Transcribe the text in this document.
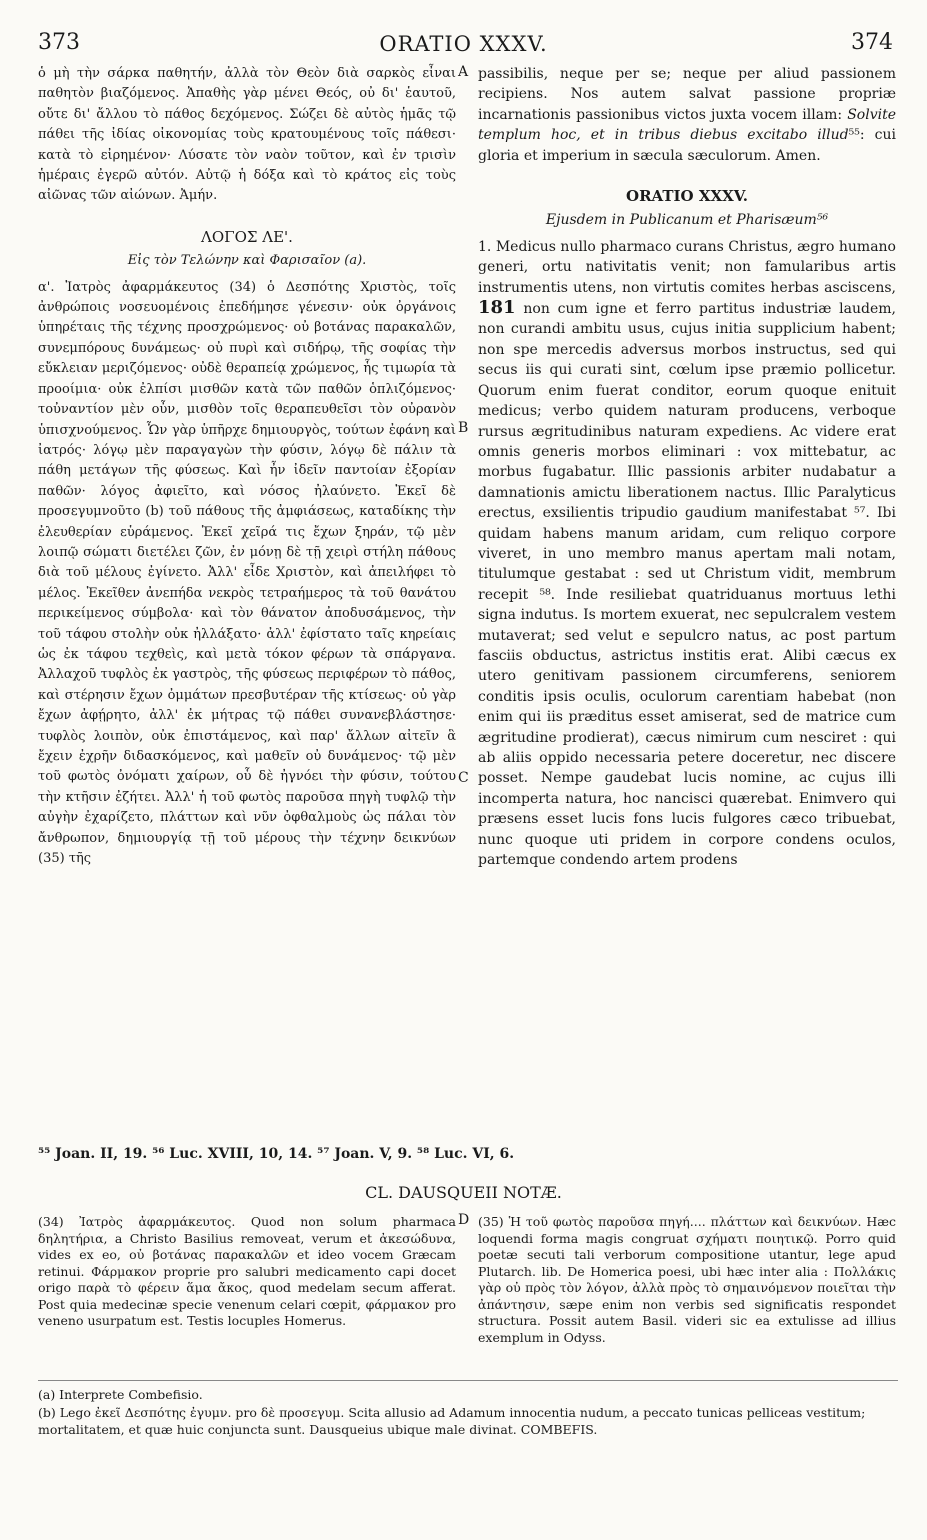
373	ORATIO XXXV.	374

ὁ μὴ τὴν σάρκα παθητήν, ἀλλὰ τὸν Θεὸν διὰ σαρκὸς εἶναι παθητὸν βιαζόμενος. Ἀπαθὴς γὰρ μένει Θεός, οὐ δι' ἑαυτοῦ, οὔτε δι' ἄλλου τὸ πάθος δεχόμενος. Σώζει δὲ αὐτὸς ἡμᾶς τῷ πάθει τῆς ἰδίας οἰκονομίας τοὺς κρατουμένους τοῖς πάθεσι· κατὰ τὸ εἰρημένον· Λύσατε τὸν ναὸν τοῦτον, καὶ ἐν τρισὶν ἡμέραις ἐγερῶ αὐτόν. Αὐτῷ ἡ δόξα καὶ τὸ κράτος εἰς τοὺς αἰῶνας τῶν αἰώνων. Ἀμήν.

ΛΟΓΟΣ ΛΕ'.
Εἰς τὸν Τελώνην καὶ Φαρισαῖον (a).

α'. Ἰατρὸς ἀφαρμάκευτος (34) ὁ Δεσπότης Χριστὸς, τοῖς ἀνθρώποις νοσευομένοις ἐπεδήμησε γένεσιν· οὐκ ὀργάνοις ὑπηρέταις τῆς τέχνης προσχρώμενος· οὐ βοτάνας παρακαλῶν, συνεμπόρους δυνάμεως· οὐ πυρὶ καὶ σιδήρῳ, τῆς σοφίας τὴν εὔκλειαν μεριζόμενος· οὐδὲ θεραπείᾳ χρώμενος, ἧς τιμωρία τὰ προοίμια· οὐκ ἐλπίσι μισθῶν κατὰ τῶν παθῶν ὁπλιζόμενος· τοὐναντίον μὲν οὖν, μισθὸν τοῖς θεραπευθεῖσι τὸν οὐρανὸν ὑπισχνούμενος. Ὧν γὰρ ὑπῆρχε δημιουργὸς, τούτων ἐφάνη καὶ ἰατρός· λόγῳ μὲν παραγαγὼν τὴν φύσιν, λόγῳ δὲ πάλιν τὰ πάθη μετάγων τῆς φύσεως. Καὶ ἦν ἰδεῖν παντοίαν ἐξορίαν παθῶν· λόγος ἀφιεῖτο, καὶ νόσος ἠλαύνετο. Ἐκεῖ δὲ προσεγυμνοῦτο (b) τοῦ πάθους τῆς ἀμφιάσεως, καταδίκης τὴν ἐλευθερίαν εὑράμενος. Ἐκεῖ χεῖρά τις ἔχων ξηράν, τῷ μὲν λοιπῷ σώματι διετέλει ζῶν, ἐν μόνῃ δὲ τῇ χειρὶ στήλη πάθους διὰ τοῦ μέλους ἐγίνετο. Ἀλλ' εἶδε Χριστὸν, καὶ ἀπειλήφει τὸ μέλος. Ἐκεῖθεν ἀνεπήδα νεκρὸς τετραήμερος τὰ τοῦ θανάτου περικείμενος σύμβολα· καὶ τὸν θάνατον ἀποδυσάμενος, τὴν τοῦ τάφου στολὴν οὐκ ἠλλάξατο· ἀλλ' ἐφίστατο ταῖς κηρείαις ὡς ἐκ τάφου τεχθεὶς, καὶ μετὰ τόκον φέρων τὰ σπάργανα. Ἀλλαχοῦ τυφλὸς ἐκ γαστρὸς, τῆς φύσεως περιφέρων τὸ πάθος, καὶ στέρησιν ἔχων ὀμμάτων πρεσβυτέραν τῆς κτίσεως· οὐ γὰρ ἔχων ἀφῄρητο, ἀλλ' ἐκ μήτρας τῷ πάθει συνανεβλάστησε· τυφλὸς λοιπὸν, οὐκ ἐπιστάμενος, καὶ παρ' ἄλλων αἰτεῖν ἃ ἔχειν ἐχρῆν διδασκόμενος, καὶ μαθεῖν οὐ δυνάμενος· τῷ μὲν τοῦ φωτὸς ὀνόματι χαίρων, οὗ δὲ ἠγνόει τὴν φύσιν, τούτου τὴν κτῆσιν ἐζήτει. Ἀλλ' ἡ τοῦ φωτὸς παροῦσα πηγὴ τυφλῷ τὴν αὐγὴν ἐχαρίζετο, πλάττων καὶ νῦν ὀφθαλμοὺς ὡς πάλαι τὸν ἄνθρωπον, δημιουργίᾳ τῇ τοῦ μέρους τὴν τέχνην δεικνύων (35) τῆς

A
B
C
D

passibilis, neque per se; neque per aliud passionem recipiens. Nos autem salvat passione propriæ incarnationis passionibus victos juxta vocem illam: Solvite templum hoc, et in tribus diebus excitabo illud⁵⁵: cui gloria et imperium in sæcula sæculorum. Amen.

ORATIO XXXV.
Ejusdem in Publicanum et Pharisæum⁵⁶

1. Medicus nullo pharmaco curans Christus, ægro humano generi, ortu nativitatis venit; non famularibus artis instrumentis utens, non virtutis comites herbas asciscens, 181 non cum igne et ferro partitus industriæ laudem, non curandi ambitu usus, cujus initia supplicium habent; non spe mercedis adversus morbos instructus, sed qui secus iis qui curati sint, cœlum ipse præmio pollicetur. Quorum enim fuerat conditor, eorum quoque enituit medicus; verbo quidem naturam producens, verboque rursus ægritudinibus naturam expediens. Ac videre erat omnis generis morbos eliminari : vox mittebatur, ac morbus fugabatur. Illic passionis arbiter nudabatur a damnationis amictu liberationem nactus. Illic Paralyticus erectus, exsilientis tripudio gaudium manifestabat ⁵⁷. Ibi quidam habens manum aridam, cum reliquo corpore viveret, in uno membro manus apertam mali notam, titulumque gestabat : sed ut Christum vidit, membrum recepit ⁵⁸. Inde resiliebat quatriduanus mortuus lethi signa indutus. Is mortem exuerat, nec sepulcralem vestem mutaverat; sed velut e sepulcro natus, ac post partum fasciis obductus, astrictus institis erat. Alibi cæcus ex utero genitivam passionem circumferens, seniorem conditis ipsis oculis, oculorum carentiam habebat (non enim qui iis præditus esset amiserat, sed de matrice cum ægritudine prodierat), cæcus nimirum cum nesciret : qui ab aliis oppido necessaria petere doceretur, nec discere posset. Nempe gaudebat lucis nomine, ac cujus illi incomperta natura, hoc nancisci quærebat. Enimvero qui præsens esset lucis fons lucis fulgores cæco tribuebat, nunc quoque uti pridem in corpore condens oculos, partemque condendo artem prodens

⁵⁵ Joan. II, 19. ⁵⁶ Luc. XVIII, 10, 14. ⁵⁷ Joan. V, 9. ⁵⁸ Luc. VI, 6.
CL. DAUSQUEII NOTÆ.
(34) Ἰατρὸς ἀφαρμάκευτος. Quod non solum pharmaca δηλητήρια, a Christo Basilius removeat, verum et ἀκεσώδυνα, vides ex eo, οὐ βοτάνας παρακαλῶν et ideo vocem Græcam retinui. Φάρμακον proprie pro salubri medicamento capi docet origo παρὰ τὸ φέρειν ἅμα ἄκος, quod medelam secum afferat. Post quia medecinæ specie venenum celari cœpit, φάρμακον pro veneno usurpatum est. Testis locuples Homerus.
(35) Ἡ τοῦ φωτὸς παροῦσα πηγή.... πλάττων καὶ δεικνύων. Hæc loquendi forma magis congruat σχήματι ποιητικῷ. Porro quid poetæ secuti tali verborum compositione utantur, lege apud Plutarch. lib. De Homerica poesi, ubi hæc inter alia : Πολλάκις γὰρ οὐ πρὸς τὸν λόγον, ἀλλὰ πρὸς τὸ σημαινόμενον ποιεῖται τὴν ἀπάντησιν, sæpe enim non verbis sed significatis respondet structura. Possit autem Basil. videri sic ea extulisse ad illius exemplum in Odyss.
(a) Interprete Combefisio.
(b) Lego ἐκεῖ Δεσπότης ἐγυμν. pro δὲ προσεγυμ. Scita allusio ad Adamum innocentia nudum, a peccato tunicas pelliceas vestitum; mortalitatem, et quæ huic conjuncta sunt. Dausqueius ubique male divinat. COMBEFIS.
